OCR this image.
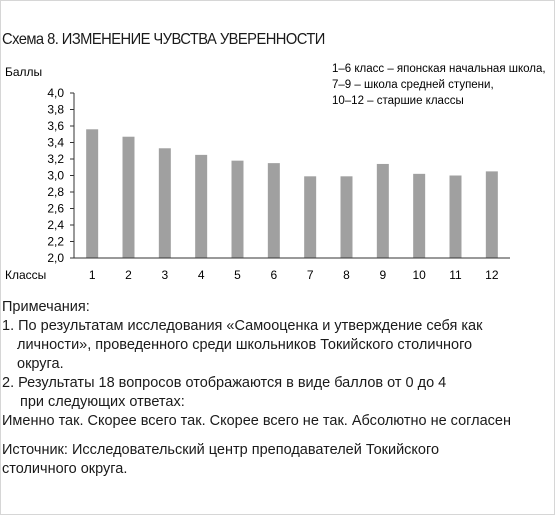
Схема 8. ИЗМЕНЕНИЕ ЧУВСТВА УВЕРЕННОСТИ
Баллы
Классы
1–6 класс – японская начальная школа,
7–9 – школа средней ступени,
10–12 – старшие классы
2,0
2,2
2,4
2,6
2,8
3,0
3,2
3,4
3,6
3,8
4,0
1 2 3 4 5 6 7 8 9 10 11 12
Примечания:
1. По результатам исследования «Самооценка и утверждение себя как
личности», проведенного среди школьников Токийского столичного
округа.
2. Результаты 18 вопросов отображаются в виде баллов от 0 до 4
при следующих ответах:
Именно так. Скорее всего так. Скорее всего не так. Абсолютно не согласен
Источник: Исследовательский центр преподавателей Токийского
столичного округа.
